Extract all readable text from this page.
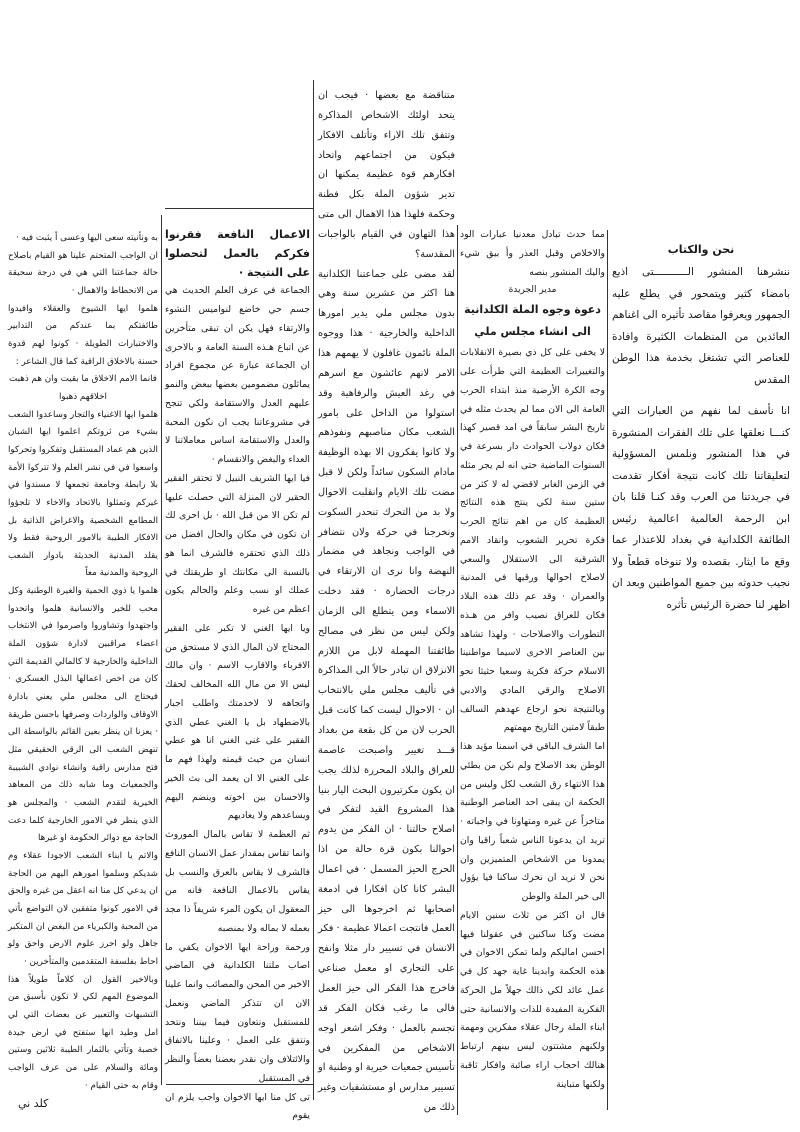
نحن والكتاب

ننشرهنا المنشور الـــــــــــتى اذيع بامضاء كثير ويتمحور في يطلع عليه الجمهور ويعرفوا مقاصد تأثيره الى اغناهم العائدين من المنظمات الكثيرة وافادة للعناصر التي تشتغل بخدمة هذا الوطن المقدس

انا نأسف لما نفهم من العبارات التي كنـــا نعلقها على تلك الفقرات المنشورة في هذا المنشور ونلمس المسؤولية لتعليقاتنا تلك كانت نتيجة أفكار تقدمت في جريدتنا من العرب وقد كنـا قلنا بان ابن الرحمة العالمية اعالمية رئيس الطائفة الكلدانية في بغداد للاعتذار عما وقع ما ايثار. بقصده ولا تنوخاه قطعاً ولا نجيب حدوثه بين جميع المواطنين وبعد ان اظهر لنا حضرة الرئيس تأثره

مما حدث تبادل معدنيا عبارات الود والاخلاص وقبل العذر وأ بيق شيء واليك المنشور بنصه

مدير الجريدة
دعوة وجوه الملة الكلدانية
الى انشاء مجلس ملي

لا يخفى على كل ذي بصيرة الانقلابات والتغييرات العظيمة التي طرأت على وجه الكرة الأرضية منذ ابتداء الحرب العامة الى الان مما لم يحدث مثله في تاريخ البشر سابقاً في امد قصير كهذا فكان دولاب الحوادث دار بسرعة في السنوات الماضية حتى انه لم يجر مثله في الزمن الغابر لاقضي له لا كثر من ستين سنة لكي ينتج هذه النتائج العظيمة كان من اهم نتائج الحرب فكرة تحرير الشعوب وانقاد الامم الشرقية الى الاستقلال والسعي لاصلاح احوالها ورقيها في المدنية والعمران · وقد عم ذلك هذه البلاد فكان للعراق نصيب وافر من هـذه التطورات والاصلاحات · ولهذا تشاهد بين العناصر الاخرى لاسيما مواطنينا الاسلام حركة فكرية وسعيا حثيثا نحو الاصلاح والرقي المادي والادبي وبالنتيجة نحو ارجاع عهدهم السالف طبقاً لامتين التاريخ مهمتهم

اما الشرف الباقي في اسمنا مؤيد هذا الوطن بعد الاصلاح ولم نكن من بطئي هذا الانتهاء رق الشعب لكل وليس من الحكمة ان يبقى احد العناصر الوطنية متاخراً عن غيره ومتهاونا في واجباته · تريد ان يدعونا الناس شعباً راقيا وان يمدونا من الاشخاص المتميزين وان نحن لا نريد ان نحرك ساكنا فيا يؤول الى خير الملة والوطن

قال ان اكثر من ثلاث سنين الايام مضت وكنا ساكنين في عقولنا فيها احسن اماليكم ولما تمكن الاخوان في هذه الحكمة وابدينا غاية جهد كل في عمل عائد لكي ذالك جهلاً مل الحركة الفكرية المفيدة للذات والانسانية حتى ابناء الملة رجال عقلاء مفكرين ومهمة ولكنهم مشتتون ليس بينهم ارتباط هنالك احجاب اراء صائبة وافكار ثاقبة ولكنها متباينة

متناقضة مع بعضها · فيجب ان يتحد اولئك الاشخاص المذاكرة وتتفق تلك الاراء وتأتلف الافكار فيكون من اجتماعهم واتحاد افكارهم قوة عظيمة يمكنها ان تدير شؤون الملة بكل فطنة وحكمة فلهذا هذا الاهمال الى متى هذا التهاون في القيام بالواجبات المقدسة؟

لقد مضى على جماعتنا الكلدانية هنا اكثر من عشرين سنة وهي بدون مجلس ملي يدير امورها الداخلية والخارجية · هذا ووجوه الملة نائمون غافلون لا يهمهم هذا الامر لانهم عائشون مع اسرهم في رغد العيش والرفاهية وقد استولوا من الداخل على بامور الشعب مكان مناصبهم ونفوذهم ولا كانوا يفكرون الا بهذه الوظيفة مادام السكون سائداً ولكن لا قبل مضت تلك الايام وانقلبت الاحوال ولا بد من التحرك تنحدر السكوت ونخرجنا في حركة ولان نتضافر في الواجب ونجاهد في مضمار النهضة وانا نرى ان الارتقاء في درجات الحضارة · فقد دخلت الاسماء ومن يتطلع الى الزمان ولكن ليس من نظر في مصالح طائفتنا المهملة لابل من اللازم الانزلاق ان تبادر حالاً الى المذاكرة في تأليف مجلس ملي بالانتخاب ان · الاحوال ليست كما كانت قبل الحرب لان من كل بقعة من بغداد قـــد تغيير واصبحت عاصمة للعراق والبلاد المحررة لذلك يجب ان يكون مكرتيرون البحث اليار بنيا هذا المشروع القيد لتفكر في اصلاح حالتنا · ان الفكر من يدوم احوالنا بكون قرة حالة من اذا الحرج الحيز المسمل · في اعمال البشر كانا كان افكارا في ادمغة اصحابها ثم اخرجوها الى حيز العمل فانتجت اعمالا عظيمة · فكر الانسان في تسيير دار مثلا وانفح على التجاري او معمل صناعي فاخرج هذا الفكر الى حيز العمل فالى ما رغب فكان الفكر قد تجسم بالعمل · وفكر اشعر اوجه الاشخاص من المفكرين في تأسيس جمعيات خيرية او وطنية او تسيير مدارس او مستشفيات وغير ذلك من

الاعمال النافعة فقرنوا فكركم بالعمل لتحصلوا على النتيجة ·

الجماعة في عرف العلم الحديث هي جسم حي خاضع لنواميس النشوء والارتقاء فهل يكن ان تبقى متأخرين عن اتباع هـذه السنة العامة و بالاحرى ان الجماعة عبارة عن مجموع افراد يماثلون مضمومين بعضها ببعض والنمو عليهم العدل والاستقامة ولكي تنجح في مشروعاتنا يجب ان نكون المحبة والعدل والاستقامة اساس معاملاتنا لا العداء والبغض والانقسام ·

فيا ايها الشريف النبيل لا تحتقر الفقير الحقير لان المنزلة التي حصلت عليها لم تكن الا من قبل الله · بل احرى لك ان تكون في مكان والحال افضل من ذلك الذي تحتقره فالشرف انما هو بالنسبة الى مكانتك او طريقتك في عملك او نسب وعلم والحالم يكون اعظم من غيره

ويا ايها الغني لا تكبر على الفقير المحتاج لان المال الذي لا مستحق من الافرباء والاقارب الاسم · وان مالك ليس الا من مال الله المخالف لحقك واتجاهه لا لاخدمتك واطلب اجبار بالاضطهاد بل يا الغني عطي الذي الفقير على غنى الغني انا هو عطي انسان من حيث قيمته ولهذا فهم ما على الغني الا ان يعمد الى بث الخير والاحسان بين اخوته وينضم اليهم ويساعدهم ولا يعاديهم

ثم العظمة لا تقاس بالمال الموروث وانما تقاس بمقدار عمل الانسان النافع فالشرف لا يقاس بالعرق والنسب بل يقاس بالاعمال النافعة فانه من المعقول ان يكون المرء شريفاً ذا مجد بعمله لا بماله ولا بمنصبه

ورحمة وراحة ايها الاخوان يكفي ما اصاب ملتنا الكلدانية في الماضي الاخير من المحن والمصائب وانما علينا الان ان تتذكر الماضي ونعمل للمستقبل ونتعاون فيما بيننا ونتحد ونتفق على العمل · وعلينا بالاتفاق والائتلاف وان نقدر بعضنا بعضاً والنظر في المستقبل

تى كل منا ايها الاخوان واجب يلزم ان يقوم

به ونأنيته سعى اليها وعسى أ يثبت فيه ·

ان الواجب المتحتم علينا هو القيام باصلاح حالة جماعتنا التي هي في درجة سحيقة من الانحطاط والاهمال ·

هلموا ايها الشيوخ والعقلاء وافيدوا طائفتكم بما عندكم من التدابير والاختبارات الطويلة · كونوا لهم قدوة حسنة بالاخلاق الراقية كما قال الشاعر :

فانما الامم الاخلاق ما بقيت وان هم ذهبت اخلاقهم ذهبوا

هلموا ايها الاغنياء والتجار وساعدوا الشعب بشيء من ثروتكم اعلموا ايها الشبان الذين هم عماد المستقبل وتفكروا وتحركوا واسعوا في في نشر العلم ولا تتركوا الأمة بلا رابطة وجامعة تجمعها لا مسندوا في غيركم وتمثلوا بالاتحاد والاخاء لا تلجؤوا المطامع الشخصية والاغراض الذاتية بل الافكار الطيبة بالامور الروحية فقط ولا يقلد المدنية الحديثة بادوار الشعب الروحية والمدنية معاً

هلموا يا ذوي الحمية والغيرة الوطنية وكل محب للخير والانسانية هلموا واتحدوا واجتهدوا وتشاوروا واصرموا في الانتخاب اعضاء مراقبين لادارة شؤون الملة الداخلية والخارجية لا كالمالي القديمة التي كان من اخص اعمالها البذل العسكري · فيحتاج الى مجلس ملي يعني بادارة الاوقاف والواردات وصرفها باحسن طريقة · يعزنا ان ينظر بعين القائم بالواسطة الى تنهض الشعب الى الرقي الحقيقي مثل فتح مدارس راقية وانشاء نوادي الشبيبة والجمعيات وما شابه ذلك من المعاهد الخيرية لتقدم الشعب · والمجلس هو الذي ينظر في الامور الخارجية كلما دعت الحاجة مع دوائر الحكومة او غيرها

والاتم يا ابناء الشعب الاجودا عقلاء وم شديكم وسلموا امورهم اليهم من الحاجة ان يدعي كل منا انه اعقل من غيره والحق في الامور كونوا متفقين لان التواضع بأتي من المحبة والكبرياء من البغض ان المتكبر جاهل ولو احرز علوم الارض واحق ولو احاط بفلسفة المتقدمين والمتأخرين ·

وبالاخير القول ان كلاماً طويلاً هذا الموضوع المهم لكي لا تكون بأسبق من التشبهات والتعبير عن بعضات التي لي امل وطيد انها ستفتح في ارض جيدة خصبة وتأتي بالثمار الطيبة ثلاثين وستين ومائة والسلام على من عرف الواجب وقام به حتى القيام ·

كلد ني
